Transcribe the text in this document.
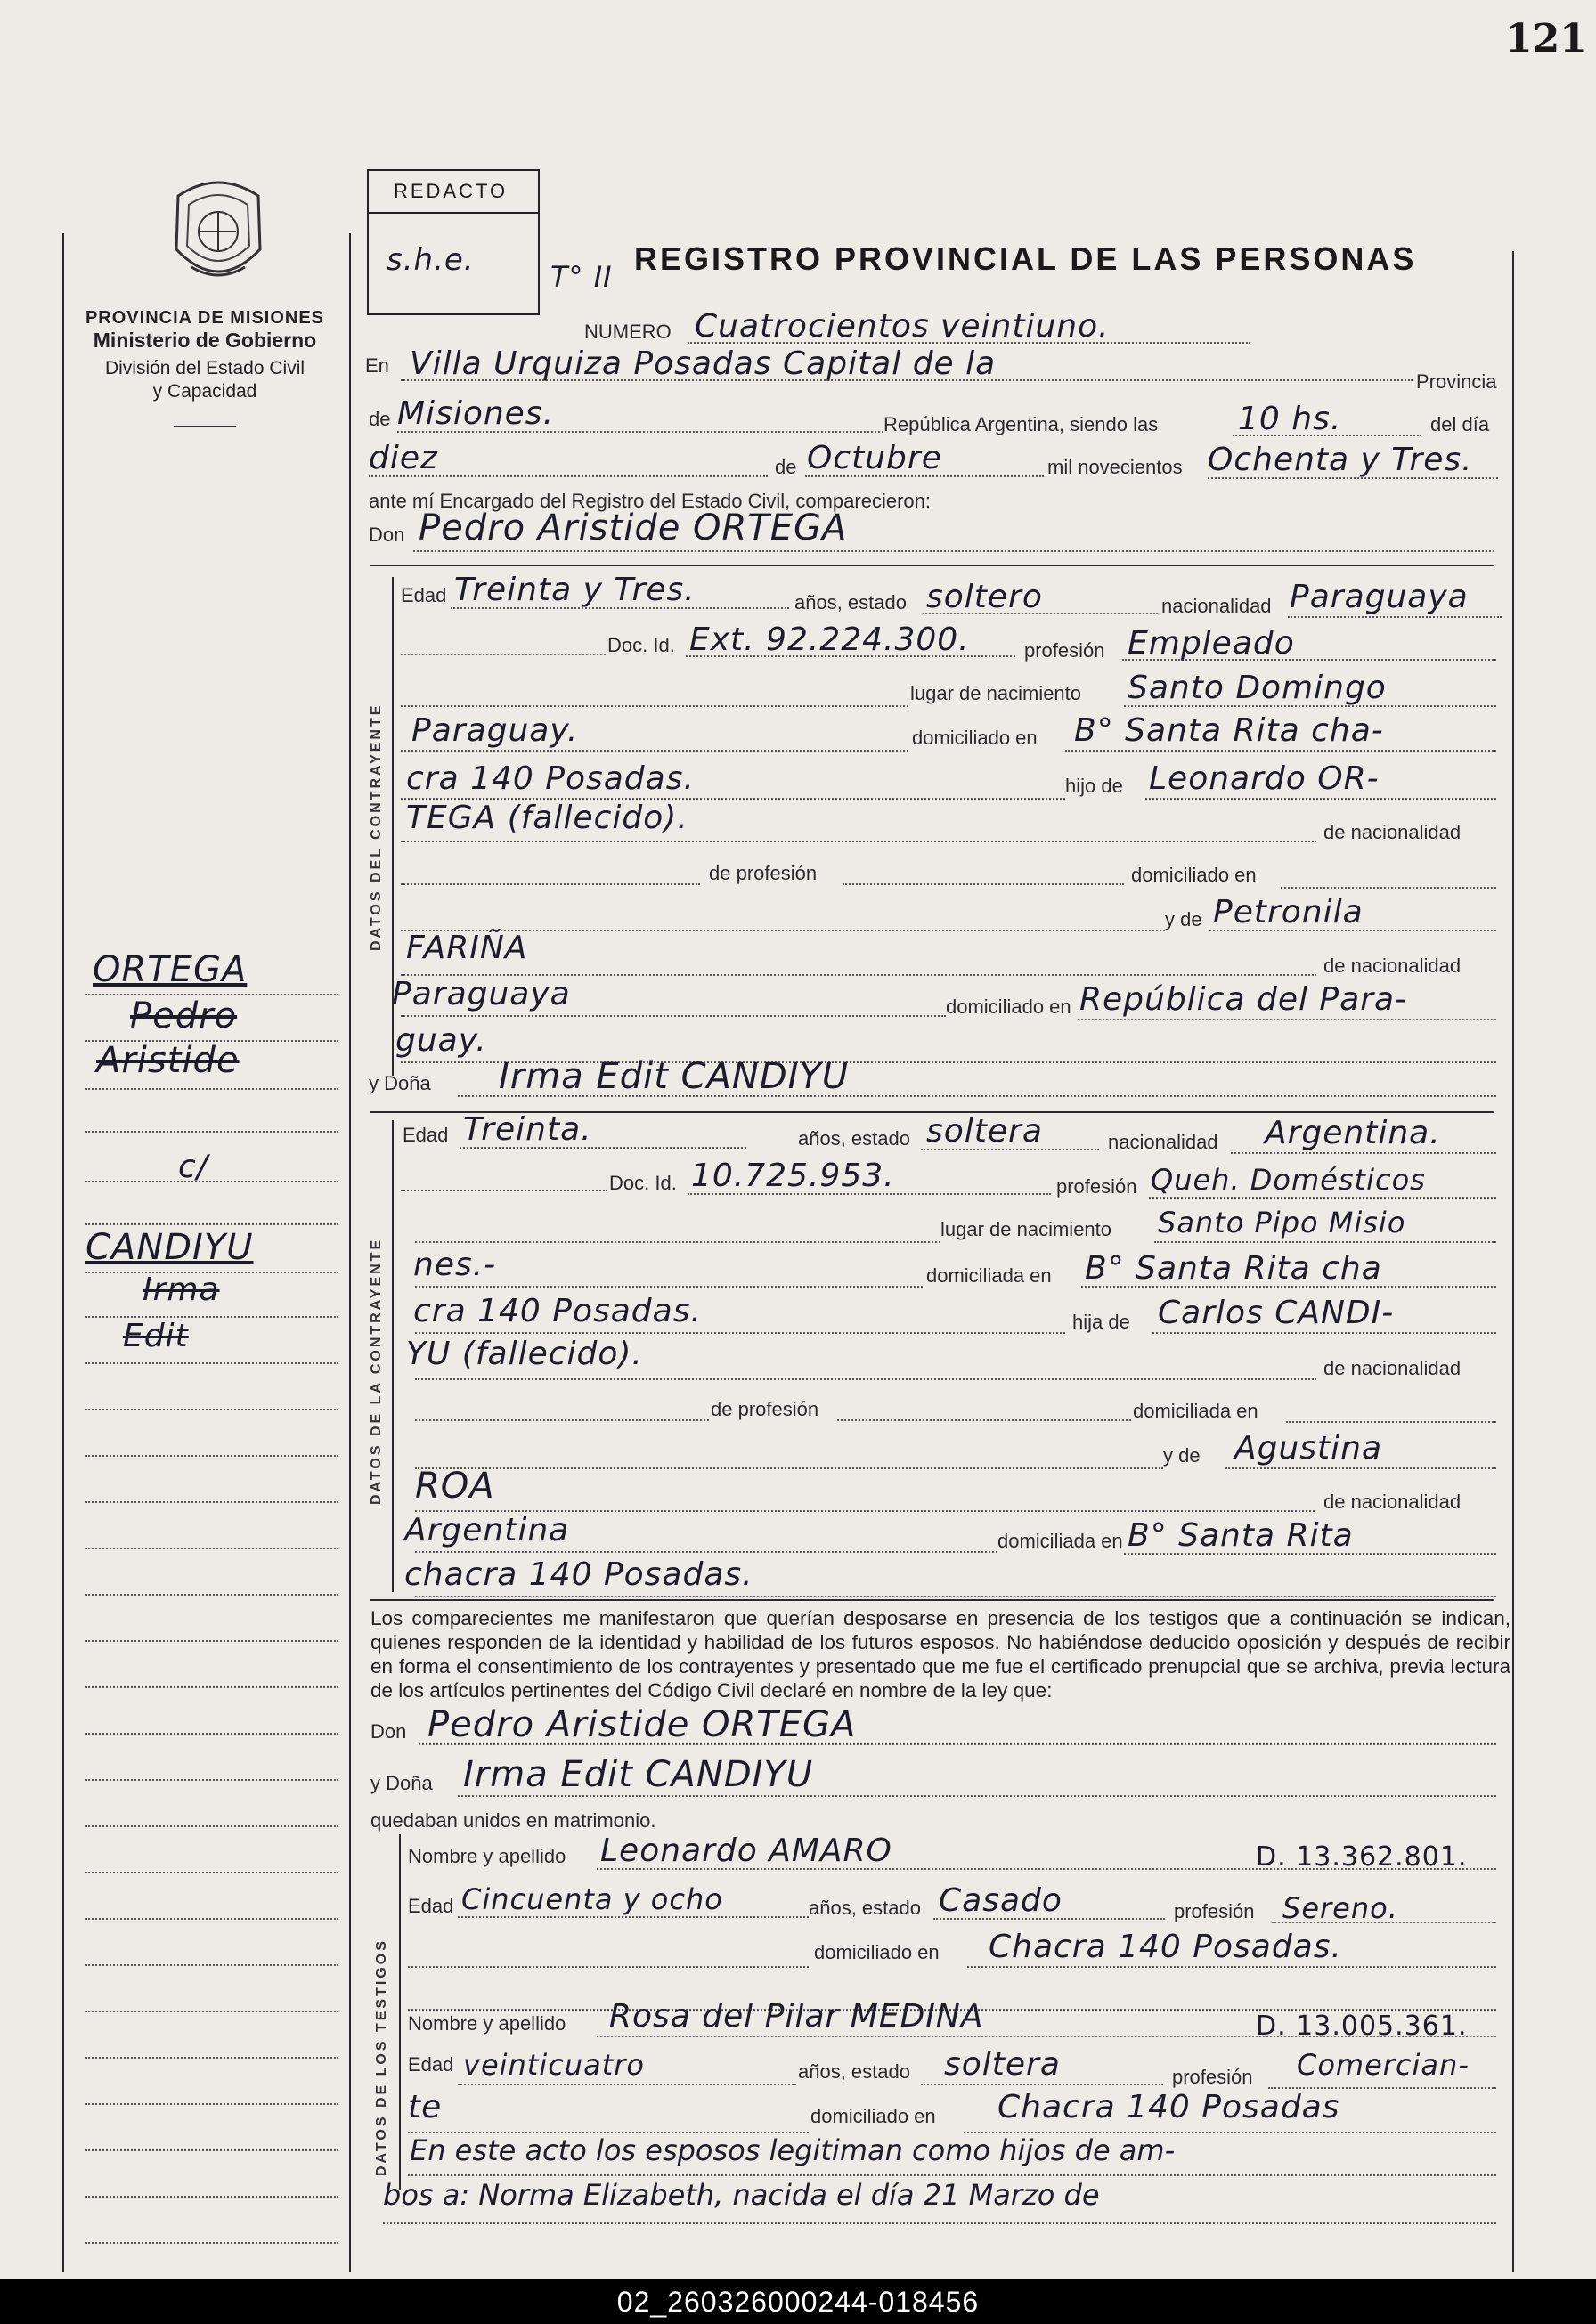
121
PROVINCIA DE MISIONES
Ministerio de Gobierno
División del Estado Civil
y Capacidad
REDACTO
s.h.e.	T° II REGISTRO PROVINCIAL DE LAS PERSONAS
NUMERO Cuatrocientos veintiuno.
En Villa Urquiza Posadas Capital de la	Provincia
de Misiones.	República Argentina, siendo las 10 hs.	del día
diez	de Octubre	mil novecientos Ochenta y Tres.
ante mí Encargado del Registro del Estado Civil, comparecieron:
Don Pedro Aristide ORTEGA
DATOS DEL CONTRAYENTE
Edad Treinta y Tres.	años, estado soltero	nacionalidad Paraguaya
Doc. Id. Ext. 92.224.300.	profesión Empleado
lugar de nacimiento Santo Domingo
Paraguay.	domiciliado en B° Santa Rita cha-
cra 140 Posadas.	hijo de Leonardo OR-
TEGA (fallecido).	de nacionalidad
de profesión	domiciliado en
y de Petronila
FARIÑA	de nacionalidad
Paraguaya	domiciliado en República del Para-
guay.
ORTEGA
Pedro
Aristide
c/
CANDIYU
Irma
Edit
y Doña Irma Edit CANDIYU
DATOS DE LA CONTRAYENTE
Edad Treinta.	años, estado soltera	nacionalidad Argentina.
Doc. Id. 10.725.953.	profesión Queh. Domésticos
lugar de nacimiento Santo Pipo Misio
nes.-	domiciliada en B° Santa Rita cha
cra 140 Posadas.	hija de Carlos CANDI-
YU (fallecido).	de nacionalidad
de profesión	domiciliada en
y de Agustina
ROA	de nacionalidad
Argentina	domiciliada en B° Santa Rita
chacra 140 Posadas.
Los comparecientes me manifestaron que querían desposarse en presencia de los testigos que a continuación se indican, quienes responden de la identidad y habilidad de los futuros esposos. No habiéndose deducido oposición y después de recibir en forma el consentimiento de los contrayentes y presentado que me fue el certificado prenupcial que se archiva, previa lectura de los artículos pertinentes del Código Civil declaré en nombre de la ley que:
Don Pedro Aristide ORTEGA
y Doña Irma Edit CANDIYU
quedaban unidos en matrimonio.
DATOS DE LOS TESTIGOS
Nombre y apellido Leonardo AMARO	D. 13.362.801.
Edad Cincuenta y ocho	años, estado Casado	profesión Sereno.
domiciliado en Chacra 140 Posadas.
Nombre y apellido Rosa del Pilar MEDINA	D. 13.005.361.
Edad veinticuatro	años, estado soltera	profesión Comercian-
te	domiciliado en Chacra 140 Posadas
En este acto los esposos legitiman como hijos de am-
bos a: Norma Elizabeth, nacida el día 21 Marzo de
02_260326000244-018456
